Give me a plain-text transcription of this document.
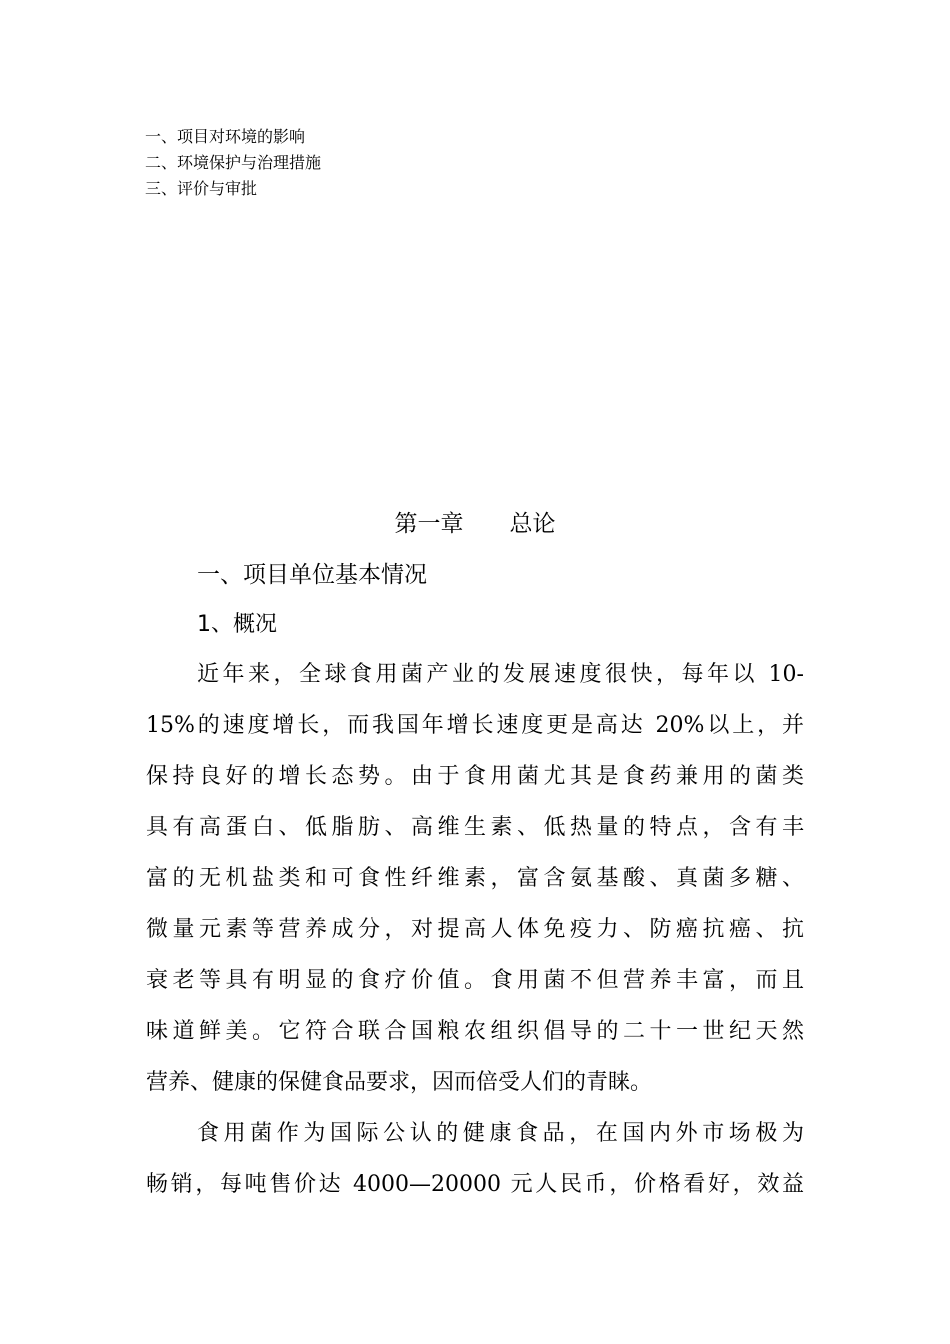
一、项目对环境的影响
二、环境保护与治理措施
三、评价与审批
第一章　　总论
一、项目单位基本情况
1、概况
近年来，全球食用菌产业的发展速度很快，每年以 10-
15%的速度增长，而我国年增长速度更是高达 20%以上，并
保持良好的增长态势。由于食用菌尤其是食药兼用的菌类
具有高蛋白、低脂肪、高维生素、低热量的特点，含有丰
富的无机盐类和可食性纤维素，富含氨基酸、真菌多糖、
微量元素等营养成分，对提高人体免疫力、防癌抗癌、抗
衰老等具有明显的食疗价值。食用菌不但营养丰富，而且
味道鲜美。它符合联合国粮农组织倡导的二十一世纪天然
营养、健康的保健食品要求，因而倍受人们的青睐。
食用菌作为国际公认的健康食品，在国内外市场极为
畅销，每吨售价达 4000—20000 元人民币，价格看好，效益
